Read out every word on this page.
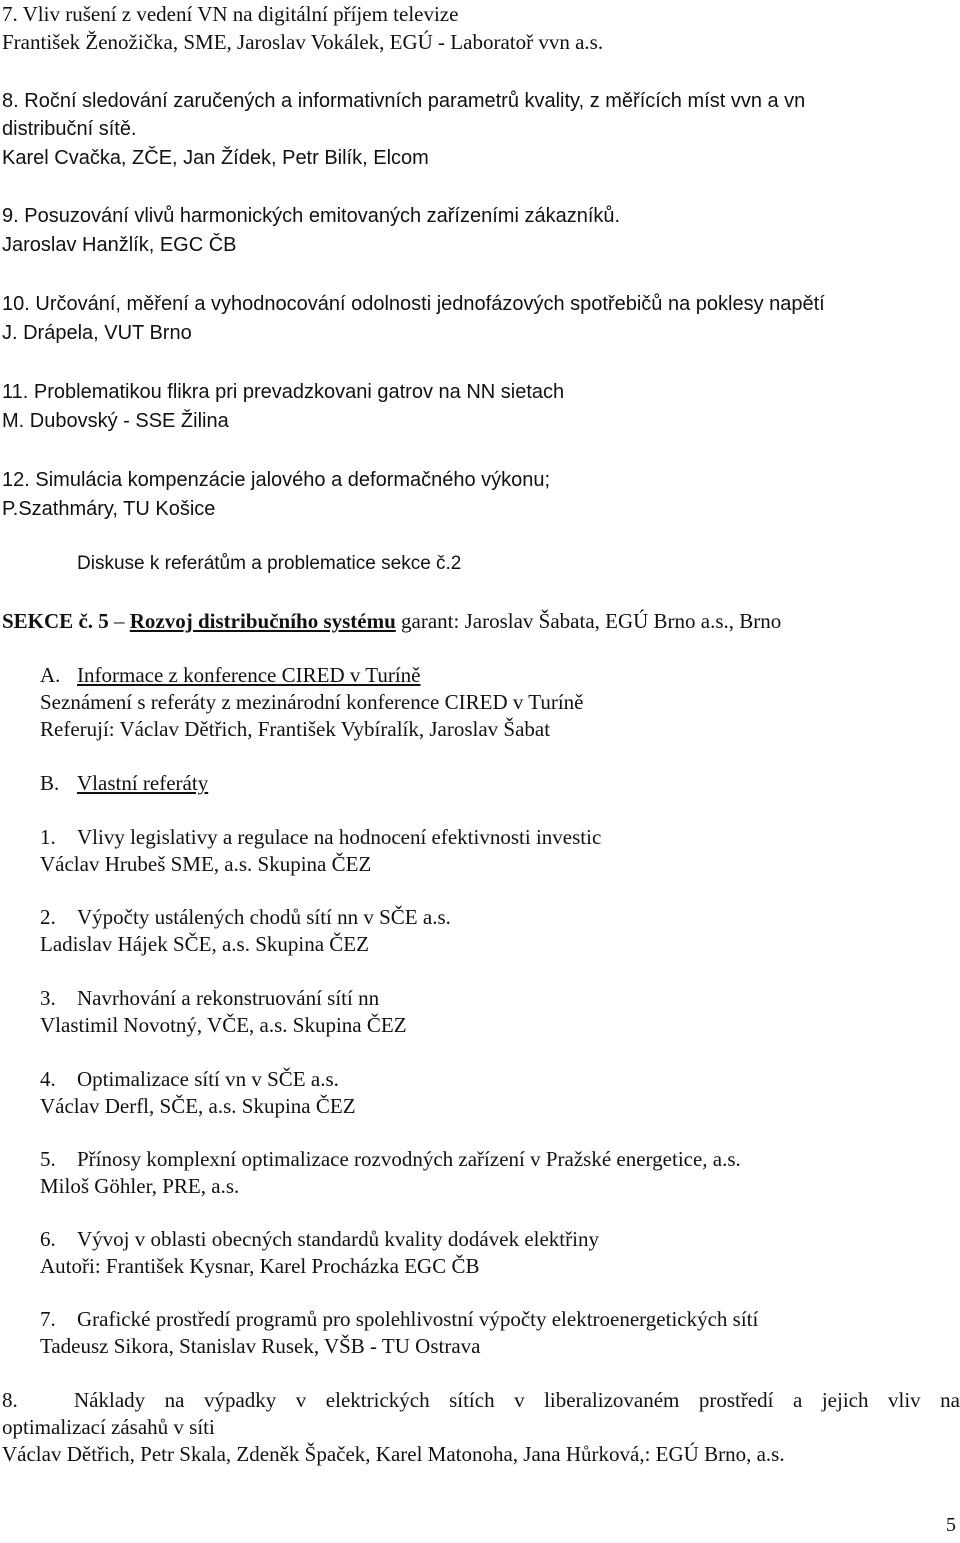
7. Vliv rušení z vedení VN na digitální příjem televize
František Ženožička, SME, Jaroslav Vokálek, EGÚ - Laboratoř vvn a.s.
8. Roční sledování zaručených a informativních parametrů kvality, z měřících míst vvn a vn
distribuční sítě.
Karel Cvačka, ZČE, Jan Žídek, Petr Bilík, Elcom
9. Posuzování vlivů harmonických emitovaných zařízeními zákazníků.
Jaroslav Hanžlík, EGC ČB
10. Určování, měření a vyhodnocování odolnosti jednofázových spotřebičů na poklesy napětí
J. Drápela, VUT Brno
11. Problematikou flikra pri prevadzkovani gatrov na NN sietach
M. Dubovský - SSE Žilina
12. Simulácia kompenzácie jalového a deformačného výkonu;
P.Szathmáry, TU Košice
Diskuse k referátům a problematice sekce č.2
SEKCE č. 5 – Rozvoj distribučního systému garant: Jaroslav Šabata, EGÚ Brno a.s., Brno
A. Informace z konference CIRED v Turíně
Seznámení s referáty z mezinárodní konference CIRED v Turíně
Referují: Václav Dětřich, František Vybíralík, Jaroslav Šabat
B. Vlastní referáty
1. Vlivy legislativy a regulace na hodnocení efektivnosti investic
Václav Hrubeš SME, a.s. Skupina ČEZ
2. Výpočty ustálených chodů sítí nn v SČE a.s.
Ladislav Hájek SČE, a.s. Skupina ČEZ
3. Navrhování a rekonstruování sítí nn
Vlastimil Novotný, VČE, a.s. Skupina ČEZ
4. Optimalizace sítí vn v SČE a.s.
Václav Derfl, SČE, a.s. Skupina ČEZ
5. Přínosy komplexní optimalizace rozvodných zařízení v Pražské energetice, a.s.
Miloš Göhler, PRE, a.s.
6. Vývoj v oblasti obecných standardů kvality dodávek elektřiny
Autoři: František Kysnar, Karel Procházka EGC ČB
7. Grafické prostředí programů pro spolehlivostní výpočty elektroenergetických sítí
Tadeusz Sikora, Stanislav Rusek, VŠB - TU Ostrava
8.	Náklady na výpadky v elektrických sítích v liberalizovaném prostředí a jejich vliv na
optimalizací zásahů v síti
Václav Dětřich, Petr Skala, Zdeněk Špaček, Karel Matonoha, Jana Hůrková,: EGÚ Brno, a.s.
5
